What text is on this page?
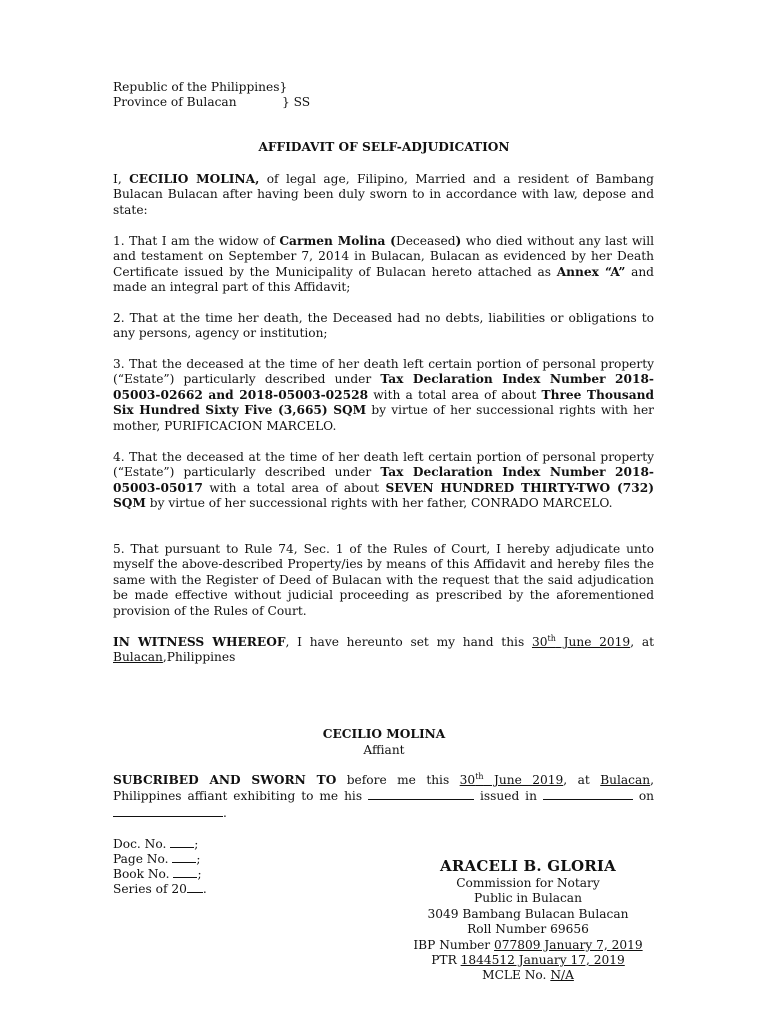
Republic of the Philippines}
Province of Bulacan	} SS
AFFIDAVIT OF SELF-ADJUDICATION
I, CECILIO MOLINA, of legal age, Filipino, Married and a resident of Bambang Bulacan Bulacan after having been duly sworn to in accordance with law, depose and state:
1. That I am the widow of Carmen Molina (Deceased) who died without any last will and testament on September 7, 2014 in Bulacan, Bulacan as evidenced by her Death Certificate issued by the Municipality of Bulacan hereto attached as Annex “A” and made an integral part of this Affidavit;
2. That at the time her death, the Deceased had no debts, liabilities or obligations to any persons, agency or institution;
3. That the deceased at the time of her death left certain portion of personal property (“Estate”) particularly described under Tax Declaration Index Number 2018-05003-02662 and 2018-05003-02528 with a total area of about Three Thousand Six Hundred Sixty Five (3,665) SQM by virtue of her successional rights with her mother, PURIFICACION MARCELO.
4. That the deceased at the time of her death left certain portion of personal property (“Estate”) particularly described under Tax Declaration Index Number 2018-05003-05017 with a total area of about SEVEN HUNDRED THIRTY-TWO (732) SQM by virtue of her successional rights with her father, CONRADO MARCELO.
5. That pursuant to Rule 74, Sec. 1 of the Rules of Court, I hereby adjudicate unto myself the above-described Property/ies by means of this Affidavit and hereby files the same with the Register of Deed of Bulacan with the request that the said adjudication be made effective without judicial proceeding as prescribed by the aforementioned provision of the Rules of Court.
IN WITNESS WHEREOF, I have hereunto set my hand this 30th June 2019, at Bulacan,Philippines
CECILIO MOLINA
Affiant
SUBCRIBED AND SWORN TO before me this 30th June 2019, at Bulacan, Philippines affiant exhibiting to me his	issued in	on .
Doc. No. ;
Page No. ;
Book No. ;
Series of 20 .
ARACELI B. GLORIA
Commission for Notary Public in Bulacan
3049 Bambang Bulacan Bulacan
Roll Number 69656
IBP Number 077809 January 7, 2019
PTR 1844512 January 17, 2019
MCLE No. N/A
